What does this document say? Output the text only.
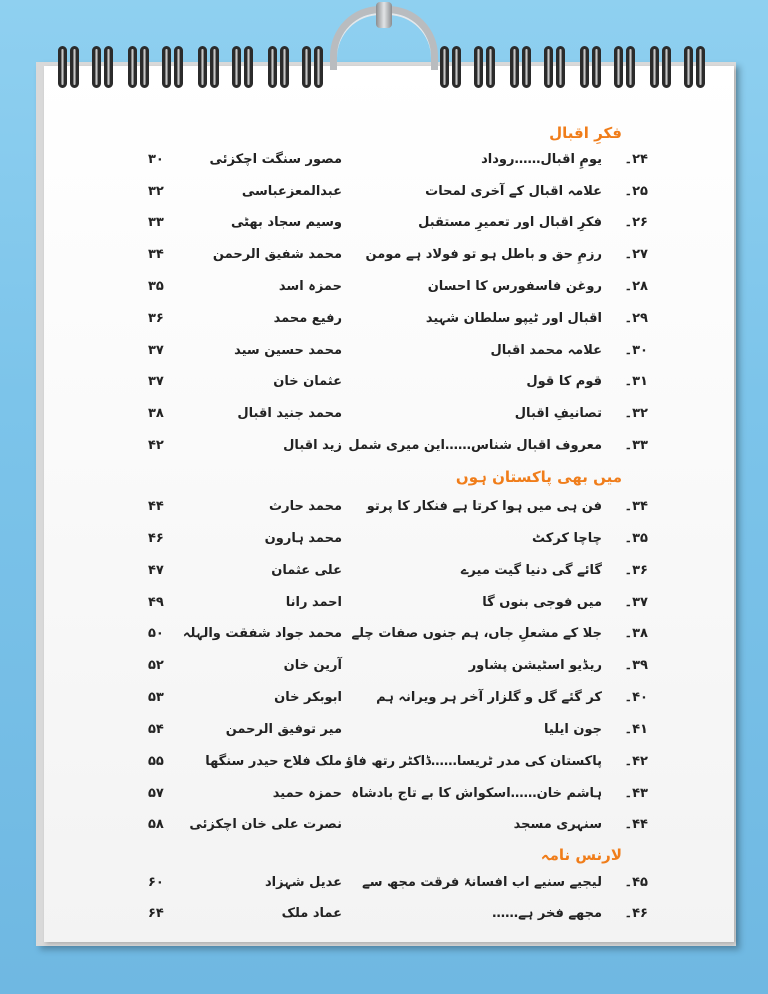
فکرِ اقبال
۲۴۔
یومِ اقبال……روداد
مصور سنگت اچکزئی
۳۰
۲۵۔
علامہ اقبال کے آخری لمحات
عبدالمعزعباسی
۳۲
۲۶۔
فکرِ اقبال اور تعمیرِ مستقبل
وسیم سجاد بھٹی
۳۳
۲۷۔
رزمِ حق و باطل ہو تو فولاد ہے مومن
محمد شفیق الرحمن
۳۴
۲۸۔
روغن فاسفورس کا احسان
حمزہ اسد
۳۵
۲۹۔
اقبال اور ٹیپو سلطان شہید
رفیع محمد
۳۶
۳۰۔
علامہ محمد اقبال
محمد حسین سید
۳۷
۳۱۔
قوم کا قول
عثمان خان
۳۷
۳۲۔
تصانیفِ اقبال
محمد جنید اقبال
۳۸
۳۳۔
معروف اقبال شناس……این میری شمل
زید اقبال
۴۲
میں بھی پاکستان ہوں
۳۴۔
فن ہی میں ہوا کرتا ہے فنکار کا پرتو
محمد حارث
۴۴
۳۵۔
چاچا کرکٹ
محمد ہارون
۴۶
۳۶۔
گائے گی دنیا گیت میرے
علی عثمان
۴۷
۳۷۔
میں فوجی بنوں گا
احمد رانا
۴۹
۳۸۔
جلا کے مشعلِ جاں، ہم جنوں صفات چلے
محمد جواد شفقت والہلہ
۵۰
۳۹۔
ریڈیو اسٹیشن پشاور
آرین خان
۵۲
۴۰۔
کر گئے گل و گلزار آخر ہر ویرانہ ہم
ابوبکر خان
۵۳
۴۱۔
جون ایلیا
میر توفیق الرحمن
۵۴
۴۲۔
پاکستان کی مدر ٹریسا……ڈاکٹر رتھ فاؤ
ملک فلاح حیدر سنگھا
۵۵
۴۳۔
ہاشم خان……اسکواش کا بے تاج بادشاہ
حمزہ حمید
۵۷
۴۴۔
سنہری مسجد
نصرت علی خان اچکزئی
۵۸
لارنس نامہ
۴۵۔
لیجیے سنیے اب افسانۂ فرقت مجھ سے
عدیل شہزاد
۶۰
۴۶۔
مجھے فخر ہے……
عماد ملک
۶۴
